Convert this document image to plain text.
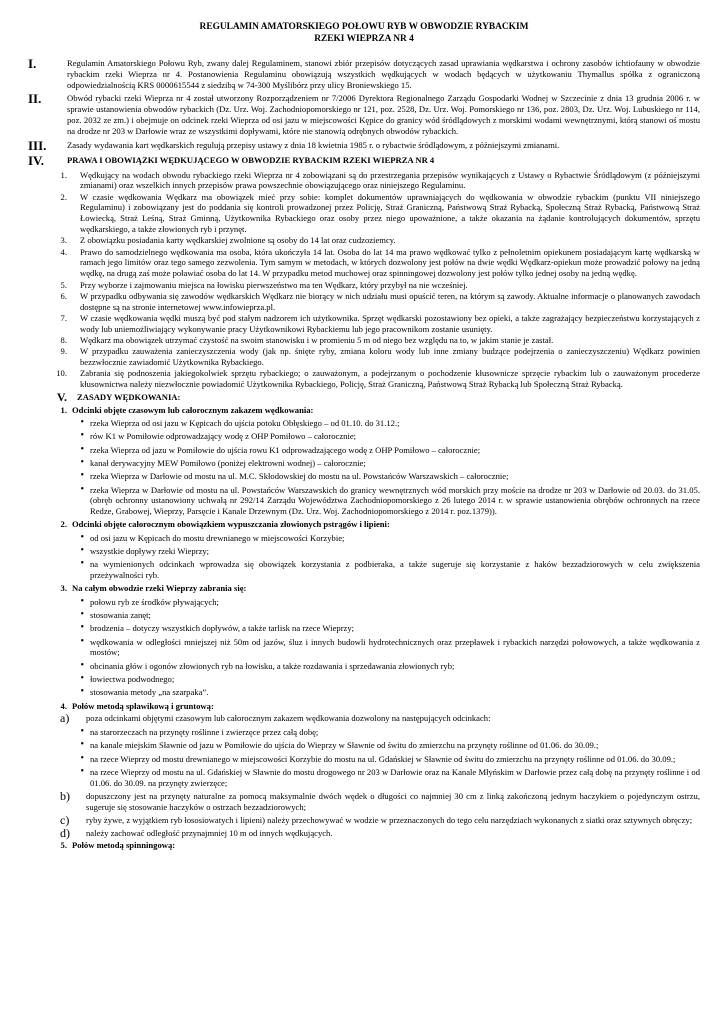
REGULAMIN AMATORSKIEGO POŁOWU RYB W OBWODZIE RYBACKIM
RZEKI WIEPRZA NR 4
I.	Regulamin Amatorskiego Połowu Ryb, zwany dalej Regulaminem, stanowi zbiór przepisów dotyczących zasad uprawiania wędkarstwa i ochrony zasobów ichtiofauny w obwodzie rybackim rzeki Wieprza nr 4. Postanowienia Regulaminu obowiązują wszystkich wędkujących w wodach będących w użytkowaniu Thymallus spółka z ograniczoną odpowiedzialnością KRS 0000615544 z siedzibą w 74-300 Myślibórz przy ulicy Broniewskiego 15.
II.	Obwód rybacki rzeki Wieprza nr 4 został utworzony Rozporządzeniem nr 7/2006 Dyrektora Regionalnego Zarządu Gospodarki Wodnej w Szczecinie z dnia 13 grudnia 2006 r. w sprawie ustanowienia obwodów rybackich (Dz. Urz. Woj. Zachodniopomorskiego nr 121, poz. 2528, Dz. Urz. Woj. Pomorskiego nr 136, poz. 2803, Dz. Urz. Woj. Lubuskiego nr 114, poz. 2032 ze zm.) i obejmuje on odcinek rzeki Wieprza od osi jazu w miejscowości Kępice do granicy wód śródlądowych z morskimi wodami wewnętrznymi, którą stanowi oś mostu na drodze nr 203 w Darłowie wraz ze wszystkimi dopływami, które nie stanowią odrębnych obwodów rybackich.
III.	Zasady wydawania kart wędkarskich regulują przepisy ustawy z dnia 18 kwietnia 1985 r. o rybactwie śródlądowym, z późniejszymi zmianami.
IV.	PRAWA I OBOWIĄZKI WĘDKUJĄCEGO W OBWODZIE RYBACKIM RZEKI WIEPRZA NR 4
1.	Wędkujący na wodach obwodu rybackiego rzeki Wieprza nr 4 zobowiązani są do przestrzegania przepisów wynikających z Ustawy o Rybactwie Śródlądowym (z późniejszymi zmianami) oraz wszelkich innych przepisów prawa powszechnie obowiązującego oraz niniejszego Regulaminu.
2.	W czasie wędkowania Wędkarz ma obowiązek mieć przy sobie: komplet dokumentów uprawniających do wędkowania w obwodzie rybackim (punktu VII niniejszego Regulaminu) i zobowiązany jest do poddania się kontroli prowadzonej przez Policję, Straż Graniczną, Państwową Straż Rybacką, Społeczną Straż Rybacką, Państwową Straż Łowiecką, Straż Leśną, Straż Gminną, Użytkownika Rybackiego oraz osoby przez niego upoważnione, a także okazania na żądanie kontrolujących dokumentów, sprzętu wędkarskiego, a także złowionych ryb i przynęt.
3.	Z obowiązku posiadania karty wędkarskiej zwolnione są osoby do 14 lat oraz cudzoziemcy.
4.	Prawo do samodzielnego wędkowania ma osoba, która ukończyła 14 lat. Osoba do lat 14 ma prawo wędkować tylko z pełnoletnim opiekunem posiadającym kartę wędkarską w ramach jego limitów oraz tego samego zezwolenia. Tym samym w metodach, w których dozwolony jest połów na dwie wędki Wędkarz-opiekun może prowadzić połowy na jedną wędkę, na drugą zaś może poławiać osoba do lat 14. W przypadku metod muchowej oraz spinningowej dozwolony jest połów tylko jednej osoby na jedną wędkę.
5.	Przy wyborze i zajmowaniu miejsca na łowisku pierwszeństwo ma ten Wędkarz, który przybył na nie wcześniej.
6.	W przypadku odbywania się zawodów wędkarskich Wędkarz nie biorący w nich udziału musi opuścić teren, na którym są zawody. Aktualne informacje o planowanych zawodach dostępne są na stronie internetowej www.infowieprza.pl.
7.	W czasie wędkowania wędki muszą być pod stałym nadzorem ich użytkownika. Sprzęt wędkarski pozostawiony bez opieki, a także zagrażający bezpieczeństwu korzystających z wody lub uniemożliwiający wykonywanie pracy Użytkownikowi Rybackiemu lub jego pracownikom zostanie usunięty.
8.	Wędkarz ma obowiązek utrzymać czystość na swoim stanowisku i w promieniu 5 m od niego bez względu na to, w jakim stanie je zastał.
9.	W przypadku zauważenia zanieczyszczenia wody (jak np. śnięte ryby, zmiana koloru wody lub inne zmiany budzące podejrzenia o zanieczyszczeniu) Wędkarz powinien bezzwłocznie zawiadomić Użytkownika Rybackiego.
10.	Zabrania się podnoszenia jakiegokolwiek sprzętu rybackiego; o zauważonym, a podejrzanym o pochodzenie kłusownicze sprzęcie rybackim lub o zauważonym procederze kłusownictwa należy niezwłocznie powiadomić Użytkownika Rybackiego, Policję, Straż Graniczną, Państwową Straż Rybacką lub Społeczną Straż Rybacką.
V.	ZASADY WĘDKOWANIA:
1. Odcinki objęte czasowym lub całorocznym zakazem wędkowania:
• rzeka Wieprza od osi jazu w Kępicach do ujścia potoku Obłęskiego – od 01.10. do 31.12.;
• rów K1 w Pomiłowie odprowadzający wodę z OHP Pomiłowo – całorocznie;
• rzeka Wieprza od jazu w Pomiłowie do ujścia rowu K1 odprowadzającego wodę z OHP Pomiłowo – całorocznie;
• kanał derywacyjny MEW Pomiłowo (poniżej elektrowni wodnej) – całorocznie;
• rzeka Wieprza w Darłowie od mostu na ul. M.C. Skłodowskiej do mostu na ul. Powstańców Warszawskich – całorocznie;
• rzeka Wieprza w Darłowie od mostu na ul. Powstańców Warszawskich do granicy wewnętrznych wód morskich przy moście na drodze nr 203 w Darłowie od 20.03. do 31.05. (obręb ochronny ustanowiony uchwałą nr 292/14 Zarządu Województwa Zachodniopomorskiego z 26 lutego 2014 r. w sprawie ustanowienia obrębów ochronnych na rzece Redze, Grabowej, Wieprzy, Parsęcie i Kanale Drzewnym (Dz. Urz. Woj. Zachodniopomorskiego z 2014 r. poz.1379)).
2. Odcinki objęte całorocznym obowiązkiem wypuszczania złowionych pstrągów i lipieni:
• od osi jazu w Kępicach do mostu drewnianego w miejscowości Korzybie;
• wszystkie dopływy rzeki Wieprzy;
• na wymienionych odcinkach wprowadza się obowiązek korzystania z podbieraka, a także sugeruje się korzystanie z haków bezzadziorowych w celu zwiększenia przeżywalności ryb.
3. Na całym obwodzie rzeki Wieprzy zabrania się:
• połowu ryb ze środków pływających;
• stosowania zanęt;
• brodzenia – dotyczy wszystkich dopływów, a także tarlisk na rzece Wieprzy;
• wędkowania w odległości mniejszej niż 50m od jazów, śluz i innych budowli hydrotechnicznych oraz przepławek i rybackich narzędzi połowowych, a także wędkowania z mostów;
• obcinania głów i ogonów złowionych ryb na łowisku, a także rozdawania i sprzedawania złowionych ryb;
• łowiectwa podwodnego;
• stosowania metody „na szarpaka”.
4. Połów metodą spławikową i gruntową:
a)	poza odcinkami objętymi czasowym lub całorocznym zakazem wędkowania dozwolony na następujących odcinkach:
• na starorzeczach na przynęty roślinne i zwierzęce przez całą dobę;
• na kanale miejskim Sławnie od jazu w Pomiłowie do ujścia do Wieprzy w Sławnie od świtu do zmierzchu na przynęty roślinne od 01.06. do 30.09.;
• na rzece Wieprzy od mostu drewnianego w miejscowości Korzybie do mostu na ul. Gdańskiej w Sławnie od świtu do zmierzchu na przynęty roślinne od 01.06. do 30.09.;
• na rzece Wieprzy od mostu na ul. Gdańskiej w Sławnie do mostu drogowego nr 203 w Darłowie oraz na Kanale Młyńskim w Darłowie przez całą dobę na przynęty roślinne i od 01.06. do 30.09. na przynęty zwierzęce;
b)	dopuszczony jest na przynęty naturalne za pomocą maksymalnie dwóch wędek o długości co najmniej 30 cm z linką zakończoną jednym haczykiem o pojedynczym ostrzu, sugeruje się stosowanie haczyków o ostrzach bezzadziorowych;
c)	ryby żywe, z wyjątkiem ryb łososiowatych i lipieni) należy przechowywać w wodzie w przeznaczonych do tego celu narzędziach wykonanych z siatki oraz sztywnych obręczy;
d)	należy zachować odległość przynajmniej 10 m od innych wędkujących.
5. Połów metodą spinningową:
